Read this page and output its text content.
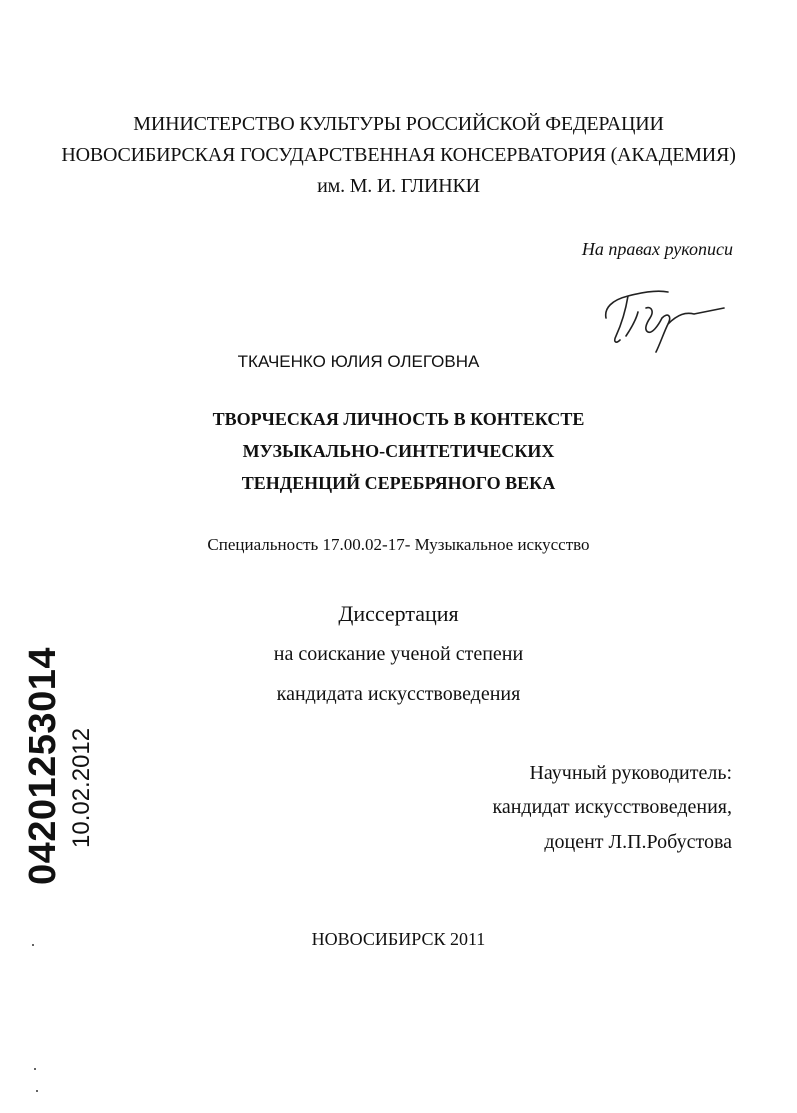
МИНИСТЕРСТВО КУЛЬТУРЫ РОССИЙСКОЙ ФЕДЕРАЦИИ
НОВОСИБИРСКАЯ ГОСУДАРСТВЕННАЯ КОНСЕРВАТОРИЯ (АКАДЕМИЯ)
им. М. И. ГЛИНКИ
На правах рукописи
ТКАЧЕНКО ЮЛИЯ ОЛЕГОВНА
ТВОРЧЕСКАЯ ЛИЧНОСТЬ В КОНТЕКСТЕ
МУЗЫКАЛЬНО-СИНТЕТИЧЕСКИХ
ТЕНДЕНЦИЙ СЕРЕБРЯНОГО ВЕКА
Специальность 17.00.02-17- Музыкальное искусство
Диссертация
на соискание ученой степени
кандидата искусствоведения
Научный руководитель:
кандидат искусствоведения,
доцент Л.П.Робустова
НОВОСИБИРСК 2011
04201253014 10.02.2012
